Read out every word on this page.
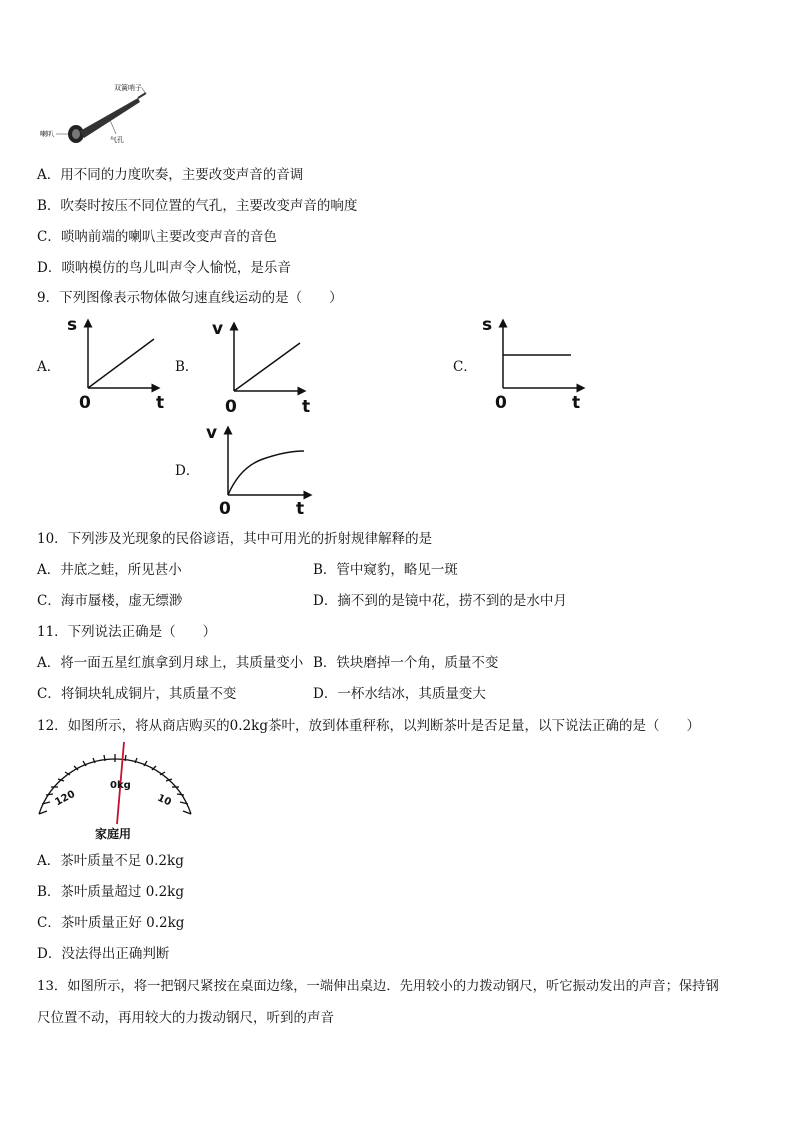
双簧哨子
喇叭
气孔
A．用不同的力度吹奏，主要改变声音的音调
B．吹奏时按压不同位置的气孔，主要改变声音的响度
C．唢呐前端的喇叭主要改变声音的音色
D．唢呐模仿的鸟儿叫声令人愉悦，是乐音
9．下列图像表示物体做匀速直线运动的是（　　）
A．
s
0	t
B．
v
0	t
C．
s
0	t
D．
v
0	t
10．下列涉及光现象的民俗谚语，其中可用光的折射规律解释的是
A．井底之蛙，所见甚小	B．管中窥豹，略见一斑
C．海市蜃楼，虚无缥渺	D．摘不到的是镜中花，捞不到的是水中月
11．下列说法正确是（　　）
A．将一面五星红旗拿到月球上，其质量变小 B．铁块磨掉一个角，质量不变
C．将铜块轧成铜片，其质量不变	D．一杯水结冰，其质量变大
12．如图所示，将从商店购买的0.2kg茶叶，放到体重秤称，以判断茶叶是否足量，以下说法正确的是（　　）
0kg
120	10
家庭用
A．茶叶质量不足 0.2kg
B．茶叶质量超过 0.2kg
C．茶叶质量正好 0.2kg
D．没法得出正确判断
13．如图所示，将一把钢尺紧按在桌面边缘，一端伸出桌边．先用较小的力拨动钢尺，听它振动发出的声音；保持钢
尺位置不动，再用较大的力拨动钢尺，听到的声音
